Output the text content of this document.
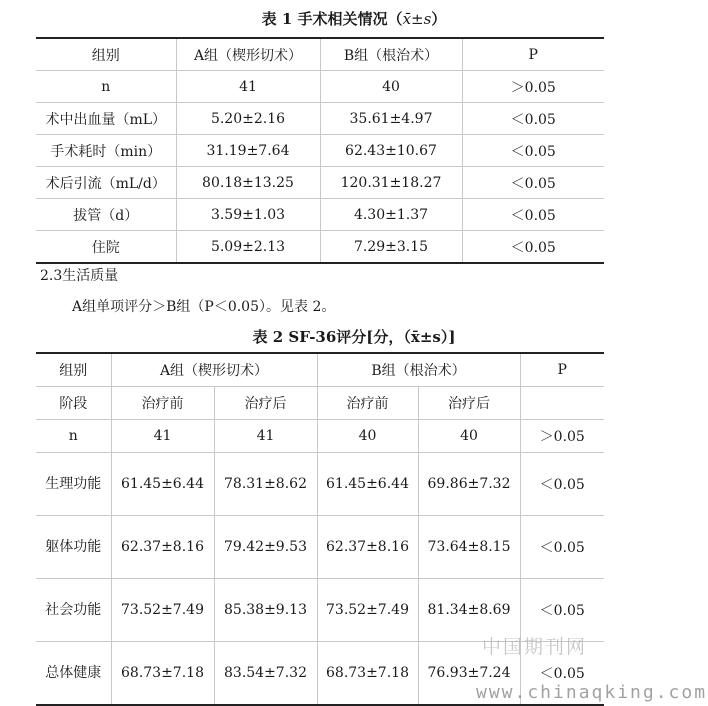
表 1 手术相关情况（x̄±s）
组别	A组（楔形切术）	B组（根治术）	P
n	41	40	＞0.05
术中出血量（mL）	5.20±2.16	35.61±4.97	＜0.05
手术耗时（min）	31.19±7.64	62.43±10.67	＜0.05
术后引流（mL/d）	80.18±13.25	120.31±18.27	＜0.05
拔管（d）	3.59±1.03	4.30±1.37	＜0.05
住院	5.09±2.13	7.29±3.15	＜0.05
2.3生活质量
A组单项评分＞B组（P＜0.05）。见表 2。
表 2 SF-36评分[分，（x̄±s）]
组别	A组（楔形切术）		B组（根治术）		P
阶段	治疗前	治疗后	治疗前	治疗后	
n	41	41	40	40	＞0.05
生理功能	61.45±6.44	78.31±8.62	61.45±6.44	69.86±7.32	＜0.05
躯体功能	62.37±8.16	79.42±9.53	62.37±8.16	73.64±8.15	＜0.05
社会功能	73.52±7.49	85.38±9.13	73.52±7.49	81.34±8.69	＜0.05
总体健康	68.73±7.18	83.54±7.32	68.73±7.18	76.93±7.24	＜0.05
中国期刊网
www.chinaqking.com
